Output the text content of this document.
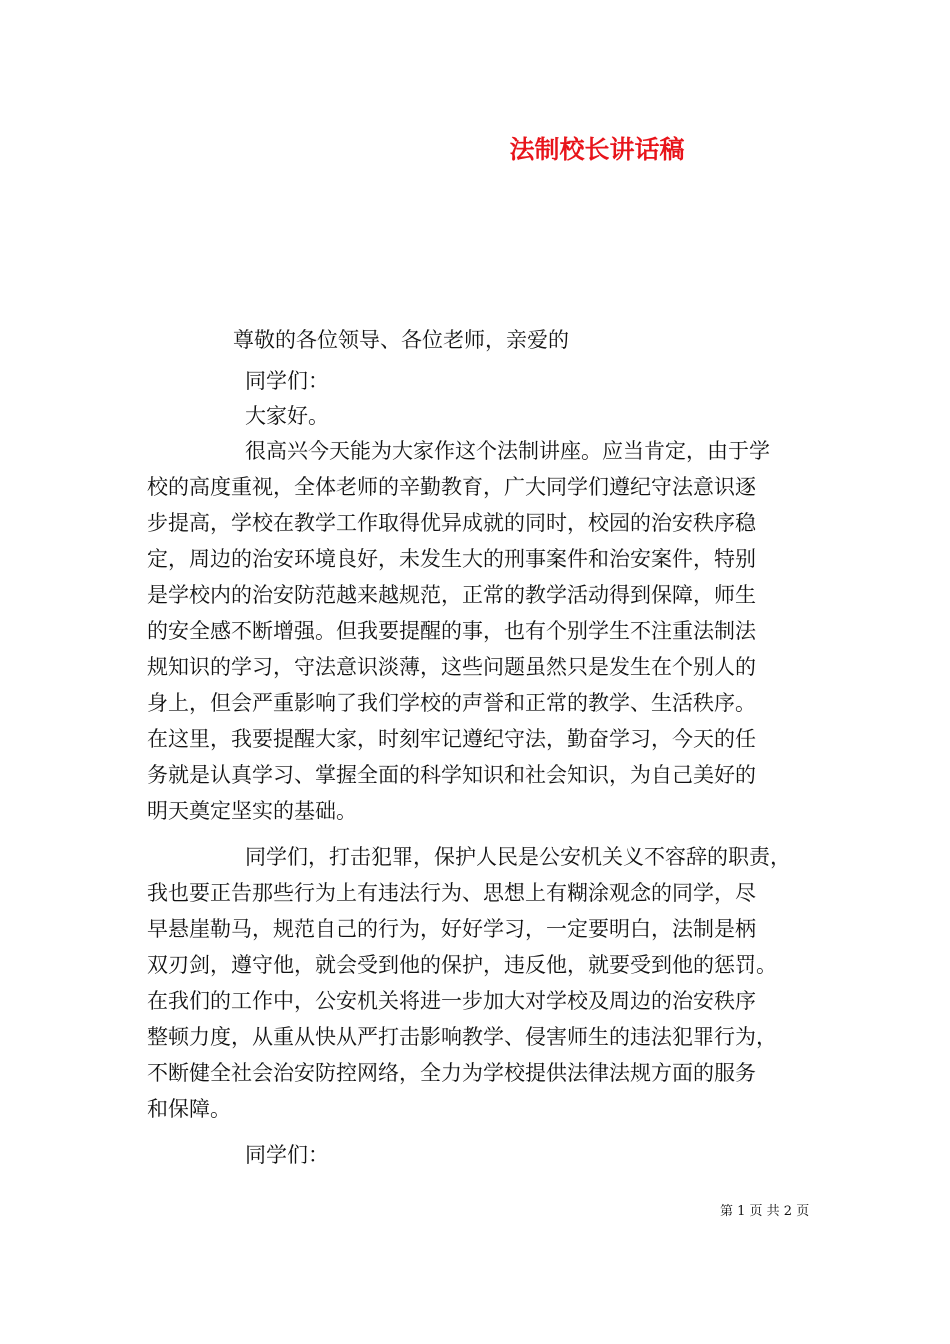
法制校长讲话稿

尊敬的各位领导、各位老师，亲爱的

同学们：

大家好。

很高兴今天能为大家作这个法制讲座。应当肯定，由于学

校的高度重视，全体老师的辛勤教育，广大同学们遵纪守法意识逐

步提高，学校在教学工作取得优异成就的同时，校园的治安秩序稳

定，周边的治安环境良好，未发生大的刑事案件和治安案件，特别

是学校内的治安防范越来越规范，正常的教学活动得到保障，师生

的安全感不断增强。但我要提醒的事，也有个别学生不注重法制法

规知识的学习，守法意识淡薄，这些问题虽然只是发生在个别人的

身上，但会严重影响了我们学校的声誉和正常的教学、生活秩序。

在这里，我要提醒大家，时刻牢记遵纪守法，勤奋学习，今天的任

务就是认真学习、掌握全面的科学知识和社会知识，为自己美好的

明天奠定坚实的基础。

同学们，打击犯罪，保护人民是公安机关义不容辞的职责，

我也要正告那些行为上有违法行为、思想上有糊涂观念的同学，尽

早悬崖勒马，规范自己的行为，好好学习，一定要明白，法制是柄

双刃剑，遵守他，就会受到他的保护，违反他，就要受到他的惩罚。

在我们的工作中，公安机关将进一步加大对学校及周边的治安秩序

整顿力度，从重从快从严打击影响教学、侵害师生的违法犯罪行为，

不断健全社会治安防控网络，全力为学校提供法律法规方面的服务

和保障。

同学们：

第 1 页 共 2 页
